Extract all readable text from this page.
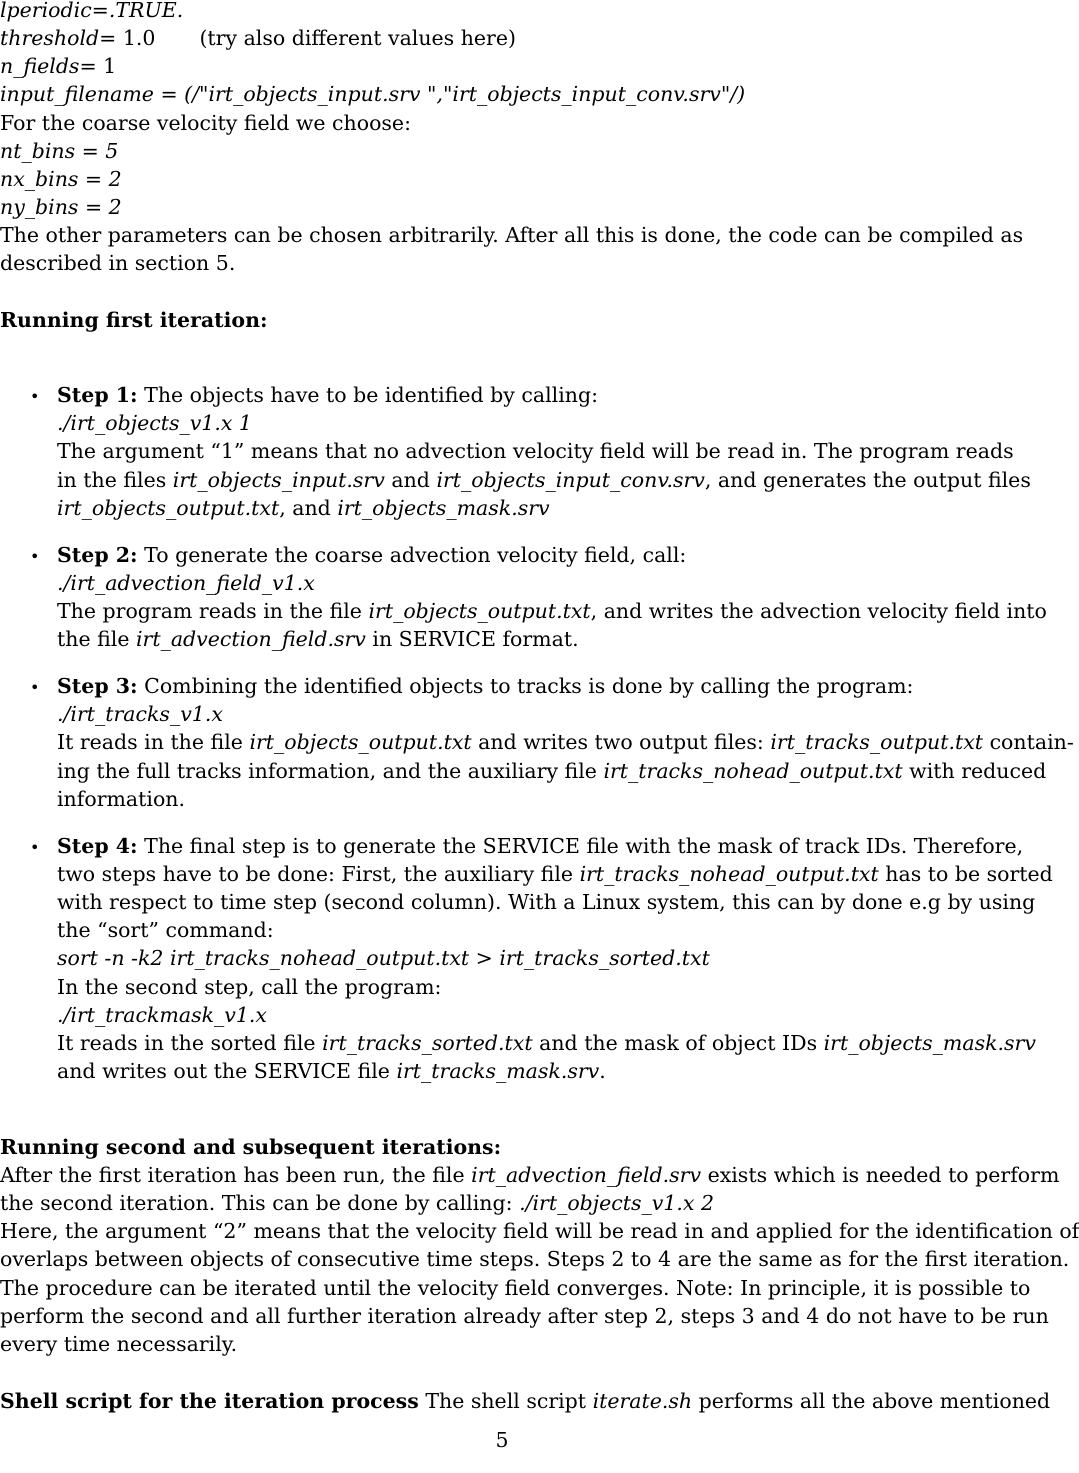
lperiodic=.TRUE.
threshold= 1.0 (try also different values here)
n_fields= 1
input_filename = (/"irt_objects_input.srv ","irt_objects_input_conv.srv"/)
For the coarse velocity field we choose:
nt_bins = 5
nx_bins = 2
ny_bins = 2
The other parameters can be chosen arbitrarily. After all this is done, the code can be compiled as
described in section 5.
Running first iteration:
• Step 1: The objects have to be identified by calling:
./irt_objects_v1.x 1
The argument “1” means that no advection velocity field will be read in. The program reads
in the files irt_objects_input.srv and irt_objects_input_conv.srv, and generates the output files
irt_objects_output.txt, and irt_objects_mask.srv
• Step 2: To generate the coarse advection velocity field, call:
./irt_advection_field_v1.x
The program reads in the file irt_objects_output.txt, and writes the advection velocity field into
the file irt_advection_field.srv in SERVICE format.
• Step 3: Combining the identified objects to tracks is done by calling the program:
./irt_tracks_v1.x
It reads in the file irt_objects_output.txt and writes two output files: irt_tracks_output.txt contain-
ing the full tracks information, and the auxiliary file irt_tracks_nohead_output.txt with reduced
information.
• Step 4: The final step is to generate the SERVICE file with the mask of track IDs. Therefore,
two steps have to be done: First, the auxiliary file irt_tracks_nohead_output.txt has to be sorted
with respect to time step (second column). With a Linux system, this can by done e.g by using
the “sort” command:
sort -n -k2 irt_tracks_nohead_output.txt > irt_tracks_sorted.txt
In the second step, call the program:
./irt_trackmask_v1.x
It reads in the sorted file irt_tracks_sorted.txt and the mask of object IDs irt_objects_mask.srv
and writes out the SERVICE file irt_tracks_mask.srv.
Running second and subsequent iterations:
After the first iteration has been run, the file irt_advection_field.srv exists which is needed to perform
the second iteration. This can be done by calling: ./irt_objects_v1.x 2
Here, the argument “2” means that the velocity field will be read in and applied for the identification of
overlaps between objects of consecutive time steps. Steps 2 to 4 are the same as for the first iteration.
The procedure can be iterated until the velocity field converges. Note: In principle, it is possible to
perform the second and all further iteration already after step 2, steps 3 and 4 do not have to be run
every time necessarily.
Shell script for the iteration process The shell script iterate.sh performs all the above mentioned
5
